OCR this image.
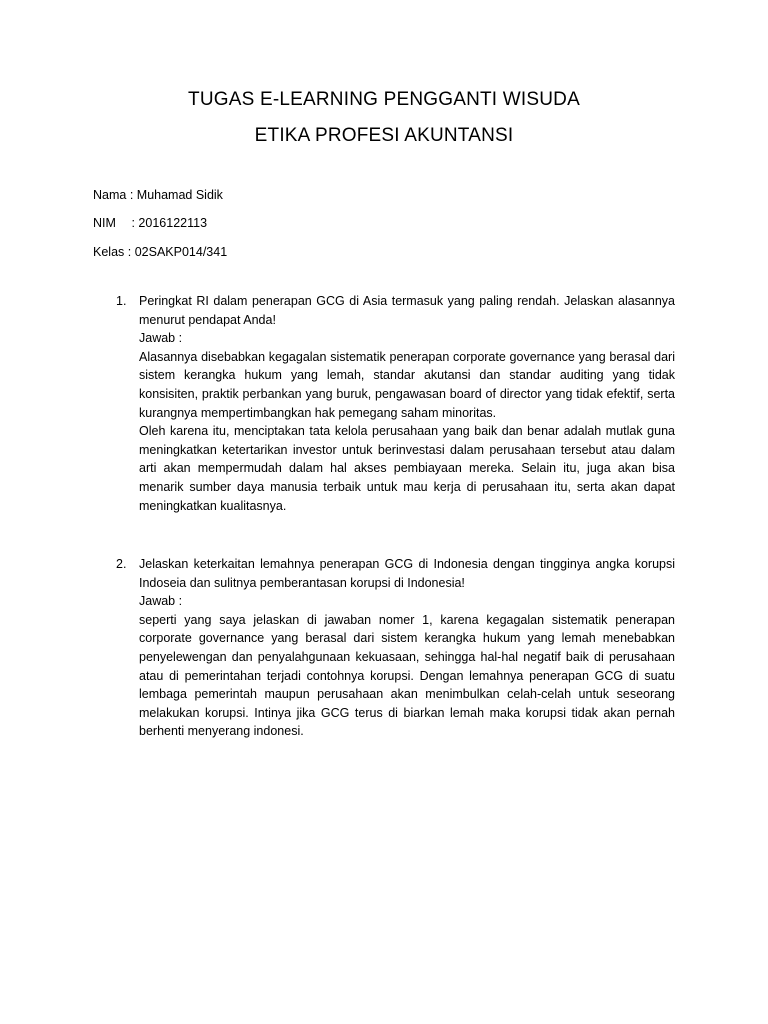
TUGAS E-LEARNING PENGGANTI WISUDA
ETIKA PROFESI AKUNTANSI
Nama : Muhamad Sidik
NIM : 2016122113
Kelas : 02SAKP014/341
1.	Peringkat RI dalam penerapan GCG di Asia termasuk yang paling rendah. Jelaskan alasannya menurut pendapat Anda!

Jawab :

Alasannya disebabkan kegagalan sistematik penerapan corporate governance yang berasal dari sistem kerangka hukum yang lemah, standar akutansi dan standar auditing yang tidak konsisiten, praktik perbankan yang buruk, pengawasan board of director yang tidak efektif, serta kurangnya mempertimbangkan hak pemegang saham minoritas.

Oleh karena itu, menciptakan tata kelola perusahaan yang baik dan benar adalah mutlak guna meningkatkan ketertarikan investor untuk berinvestasi dalam perusahaan tersebut atau dalam arti akan mempermudah dalam hal akses pembiayaan mereka. Selain itu, juga akan bisa menarik sumber daya manusia terbaik untuk mau kerja di perusahaan itu, serta akan dapat meningkatkan kualitasnya.

2.	Jelaskan keterkaitan lemahnya penerapan GCG di Indonesia dengan tingginya angka korupsi Indoseia dan sulitnya pemberantasan korupsi di Indonesia!

Jawab :

seperti yang saya jelaskan di jawaban nomer 1, karena kegagalan sistematik penerapan corporate governance yang berasal dari sistem kerangka hukum yang lemah menebabkan penyelewengan dan penyalahgunaan kekuasaan, sehingga hal-hal negatif baik di perusahaan atau di pemerintahan terjadi contohnya korupsi. Dengan lemahnya penerapan GCG di suatu lembaga pemerintah maupun perusahaan akan menimbulkan celah-celah untuk seseorang melakukan korupsi. Intinya jika GCG terus di biarkan lemah maka korupsi tidak akan pernah berhenti menyerang indonesi.
